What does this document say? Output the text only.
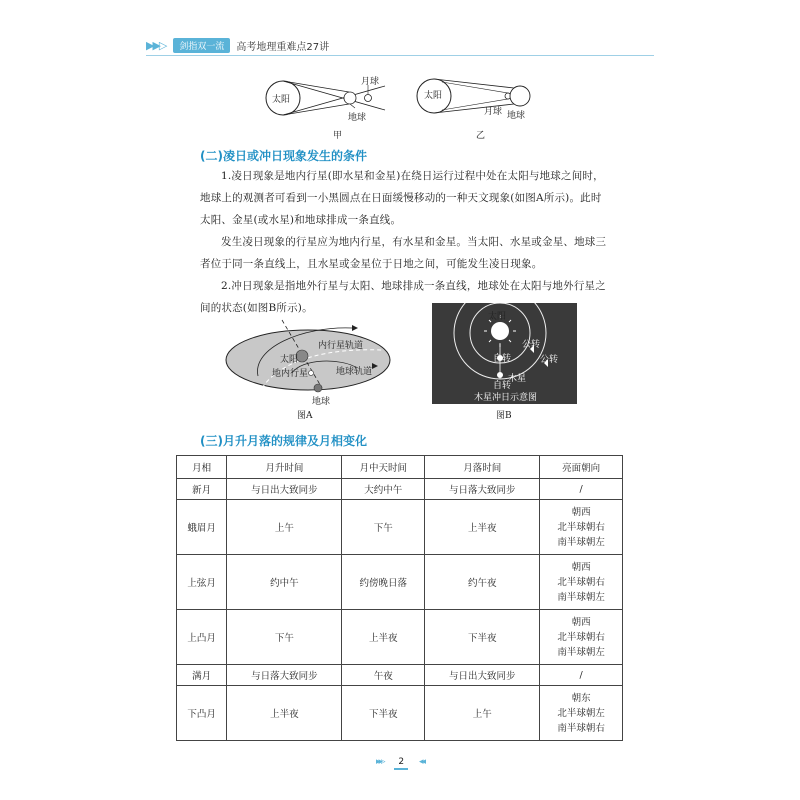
▶▶▷	剑指双一流	高考地理重难点27讲
太阳
月球
地球
甲
太阳
月球 地球
乙
(二)凌日或冲日现象发生的条件
1.凌日现象是地内行星(即水星和金星)在绕日运行过程中处在太阳与地球之间时，地球上的观测者可看到一小黑圆点在日面缓慢移动的一种天文现象(如图A所示)。此时太阳、金星(或水星)和地球排成一条直线。
发生凌日现象的行星应为地内行星，有水星和金星。当太阳、水星或金星、地球三者位于同一条直线上，且水星或金星位于日地之间，可能发生凌日现象。
2.冲日现象是指地外行星与太阳、地球排成一条直线，地球处在太阳与地外行星之间的状态(如图B所示)。
内行星轨道
太阳
地内行星	地球轨道
地球
图A
太阳
公转
公转
自转
木星
自转
木星冲日示意图
图B
(三)月升月落的规律及月相变化
月相	月升时间	月中天时间	月落时间	亮面朝向
新月	与日出大致同步	大约中午	与日落大致同步	/
蛾眉月	上午	下午	上半夜	朝西
北半球朝右
南半球朝左

上弦月	约中午	约傍晚日落	约午夜	朝西
北半球朝右
南半球朝左

上凸月	下午	上半夜	下半夜	朝西
北半球朝右
南半球朝左

满月	与日落大致同步	午夜	与日出大致同步	/
下凸月	上半夜	下半夜	上午	朝东
北半球朝左
南半球朝右
▸▸▹ 2 ◂◂
